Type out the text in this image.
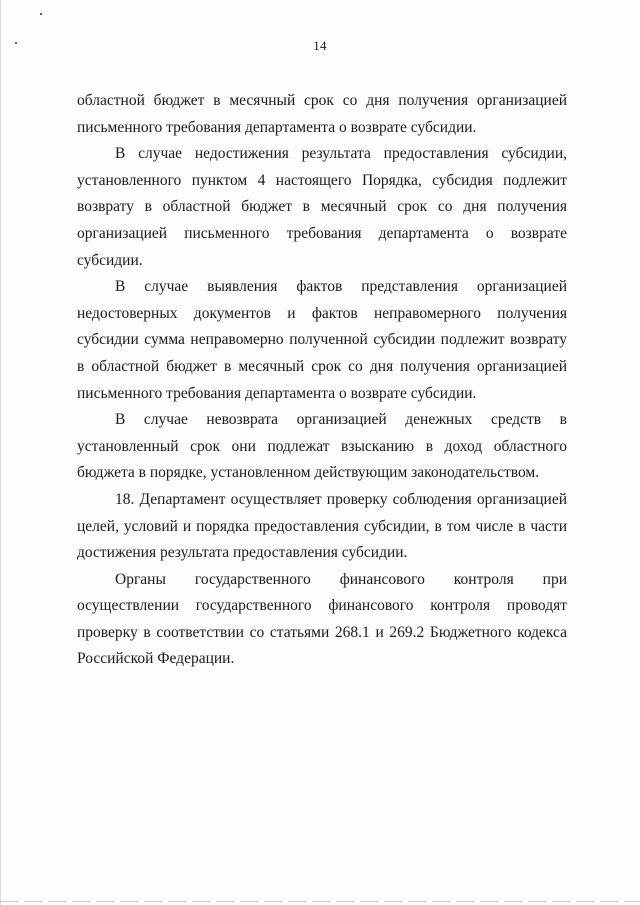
14

областной бюджет в месячный срок со дня получения организацией письменного требования департамента о возврате субсидии.

В случае недостижения результата предоставления субсидии, установленного пунктом 4 настоящего Порядка, субсидия подлежит возврату в областной бюджет в месячный срок со дня получения организацией письменного требования департамента о возврате субсидии.

В случае выявления фактов представления организацией недостоверных документов и фактов неправомерного получения субсидии сумма неправомерно полученной субсидии подлежит возврату в областной бюджет в месячный срок со дня получения организацией письменного требования департамента о возврате субсидии.

В случае невозврата организацией денежных средств в установленный срок они подлежат взысканию в доход областного бюджета в порядке, установленном действующим законодательством.

18. Департамент осуществляет проверку соблюдения организацией целей, условий и порядка предоставления субсидии, в том числе в части достижения результата предоставления субсидии.

Органы государственного финансового контроля при осуществлении государственного финансового контроля проводят проверку в соответствии со статьями 268.1 и 269.2 Бюджетного кодекса Российской Федерации.
